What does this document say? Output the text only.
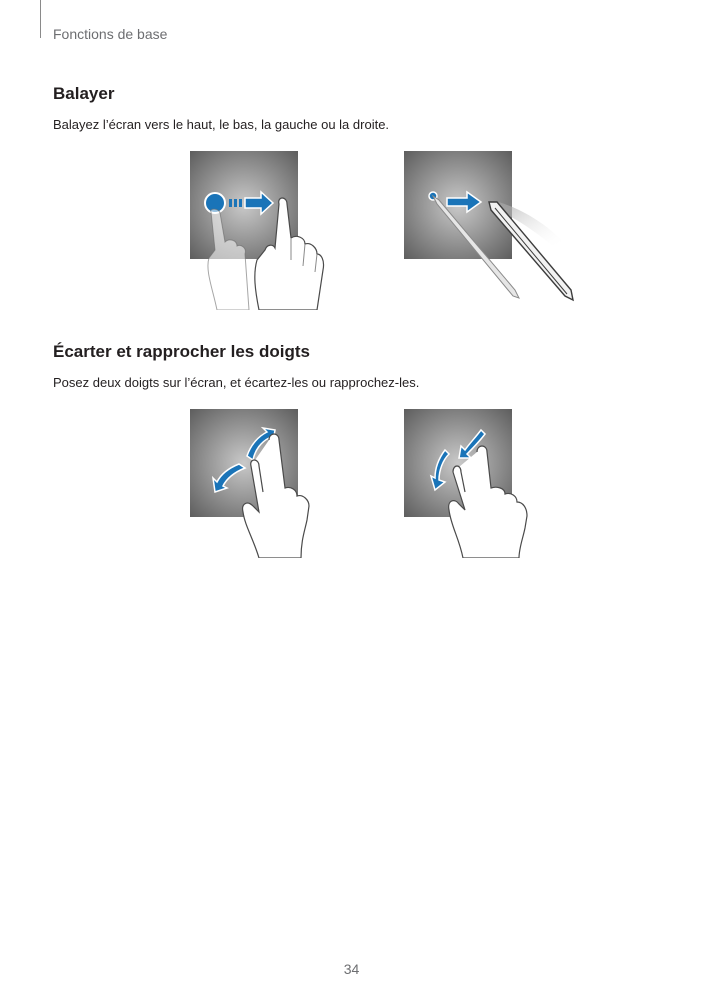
Fonctions de base
Balayer
Balayez l’écran vers le haut, le bas, la gauche ou la droite.
Écarter et rapprocher les doigts
Posez deux doigts sur l’écran, et écartez-les ou rapprochez-les.
34
